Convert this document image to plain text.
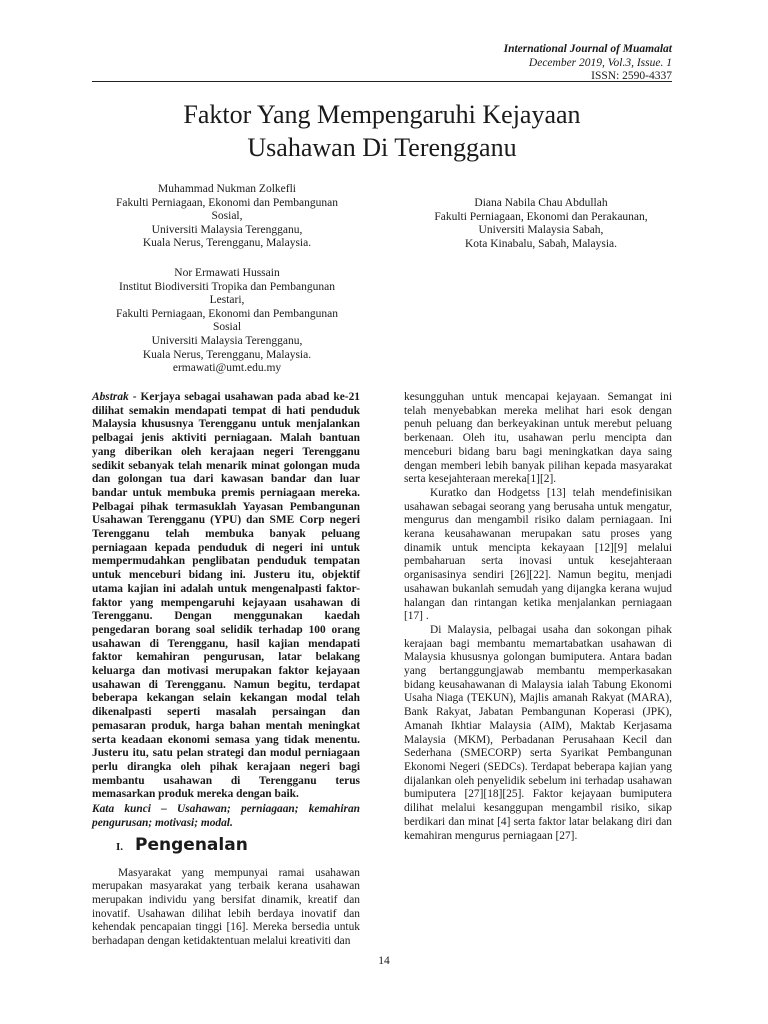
International Journal of Muamalat
December 2019, Vol.3, Issue. 1
ISSN: 2590-4337
Faktor Yang Mempengaruhi Kejayaan
Usahawan Di Terengganu
Muhammad Nukman Zolkefli
Fakulti Perniagaan, Ekonomi dan Pembangunan
Sosial,
Universiti Malaysia Terengganu,
Kuala Nerus, Terengganu, Malaysia.
Diana Nabila Chau Abdullah
Fakulti Perniagaan, Ekonomi dan Perakaunan,
Universiti Malaysia Sabah,
Kota Kinabalu, Sabah, Malaysia.
Nor Ermawati Hussain
Institut Biodiversiti Tropika dan Pembangunan
Lestari,
Fakulti Perniagaan, Ekonomi dan Pembangunan
Sosial
Universiti Malaysia Terengganu,
Kuala Nerus, Terengganu, Malaysia.
ermawati@umt.edu.my

Abstrak - Kerjaya sebagai usahawan pada abad ke-21 dilihat semakin mendapati tempat di hati penduduk Malaysia khususnya Terengganu untuk menjalankan pelbagai jenis aktiviti perniagaan. Malah bantuan yang diberikan oleh kerajaan negeri Terengganu sedikit sebanyak telah menarik minat golongan muda dan golongan tua dari kawasan bandar dan luar bandar untuk membuka premis perniagaan mereka. Pelbagai pihak termasuklah Yayasan Pembangunan Usahawan Terengganu (YPU) dan SME Corp negeri Terengganu telah membuka banyak peluang perniagaan kepada penduduk di negeri ini untuk mempermudahkan penglibatan penduduk tempatan untuk menceburi bidang ini. Justeru itu, objektif utama kajian ini adalah untuk mengenalpasti faktor-faktor yang mempengaruhi kejayaan usahawan di Terengganu. Dengan menggunakan kaedah pengedaran borang soal selidik terhadap 100 orang usahawan di Terengganu, hasil kajian mendapati faktor kemahiran pengurusan, latar belakang keluarga dan motivasi merupakan faktor kejayaan usahawan di Terengganu. Namun begitu, terdapat beberapa kekangan selain kekangan modal telah dikenalpasti seperti masalah persaingan dan pemasaran produk, harga bahan mentah meningkat serta keadaan ekonomi semasa yang tidak menentu. Justeru itu, satu pelan strategi dan modul perniagaan perlu dirangka oleh pihak kerajaan negeri bagi membantu usahawan di Terengganu terus memasarkan produk mereka dengan baik.

Kata kunci – Usahawan; perniagaan; kemahiran pengurusan; motivasi; modal.

I. Pengenalan

Masyarakat yang mempunyai ramai usahawan merupakan masyarakat yang terbaik kerana usahawan merupakan individu yang bersifat dinamik, kreatif dan inovatif. Usahawan dilihat lebih berdaya inovatif dan kehendak pencapaian tinggi [16]. Mereka bersedia untuk berhadapan dengan ketidaktentuan melalui kreativiti dan

kesungguhan untuk mencapai kejayaan. Semangat ini telah menyebabkan mereka melihat hari esok dengan penuh peluang dan berkeyakinan untuk merebut peluang berkenaan. Oleh itu, usahawan perlu mencipta dan menceburi bidang baru bagi meningkatkan daya saing dengan memberi lebih banyak pilihan kepada masyarakat serta kesejahteraan mereka[1][2].

Kuratko dan Hodgetss [13] telah mendefinisikan usahawan sebagai seorang yang berusaha untuk mengatur, mengurus dan mengambil risiko dalam perniagaan. Ini kerana keusahawanan merupakan satu proses yang dinamik untuk mencipta kekayaan [12][9] melalui pembaharuan serta inovasi untuk kesejahteraan organisasinya sendiri [26][22]. Namun begitu, menjadi usahawan bukanlah semudah yang dijangka kerana wujud halangan dan rintangan ketika menjalankan perniagaan [17] .

Di Malaysia, pelbagai usaha dan sokongan pihak kerajaan bagi membantu memartabatkan usahawan di Malaysia khususnya golongan bumiputera. Antara badan yang bertanggungjawab membantu memperkasakan bidang keusahawanan di Malaysia ialah Tabung Ekonomi Usaha Niaga (TEKUN), Majlis amanah Rakyat (MARA), Bank Rakyat, Jabatan Pembangunan Koperasi (JPK), Amanah Ikhtiar Malaysia (AIM), Maktab Kerjasama Malaysia (MKM), Perbadanan Perusahaan Kecil dan Sederhana (SMECORP) serta Syarikat Pembangunan Ekonomi Negeri (SEDCs). Terdapat beberapa kajian yang dijalankan oleh penyelidik sebelum ini terhadap usahawan bumiputera [27][18][25]. Faktor kejayaan bumiputera dilihat melalui kesanggupan mengambil risiko, sikap berdikari dan minat [4] serta faktor latar belakang diri dan kemahiran mengurus perniagaan [27].

14
